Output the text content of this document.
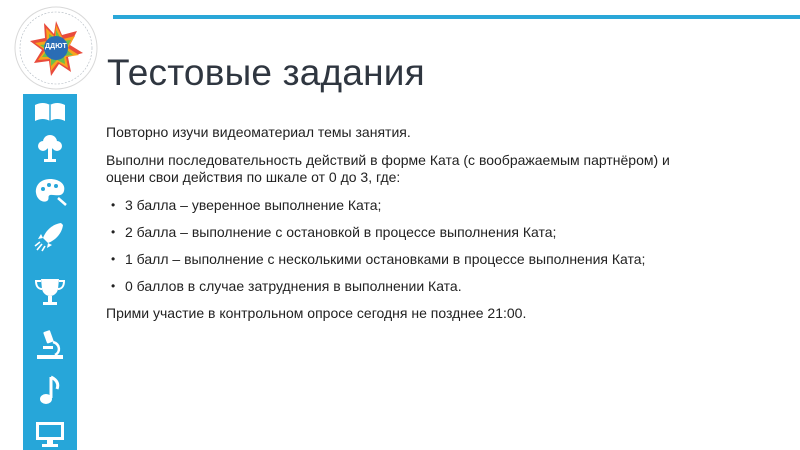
ДДЮТ
Тестовые задания

Повторно изучи видеоматериал темы занятия.

Выполни последовательность действий в форме Ката (с воображаемым партнёром) и оцени свои действия по шкале от 0 до 3, где:

• 3 балла – уверенное выполнение Ката;
• 2 балла – выполнение с остановкой в процессе выполнения Ката;
• 1 балл – выполнение с несколькими остановками в процессе выполнения Ката;
• 0 баллов в случае затруднения в выполнении Ката.

Прими участие в контрольном опросе сегодня не позднее 21:00.
